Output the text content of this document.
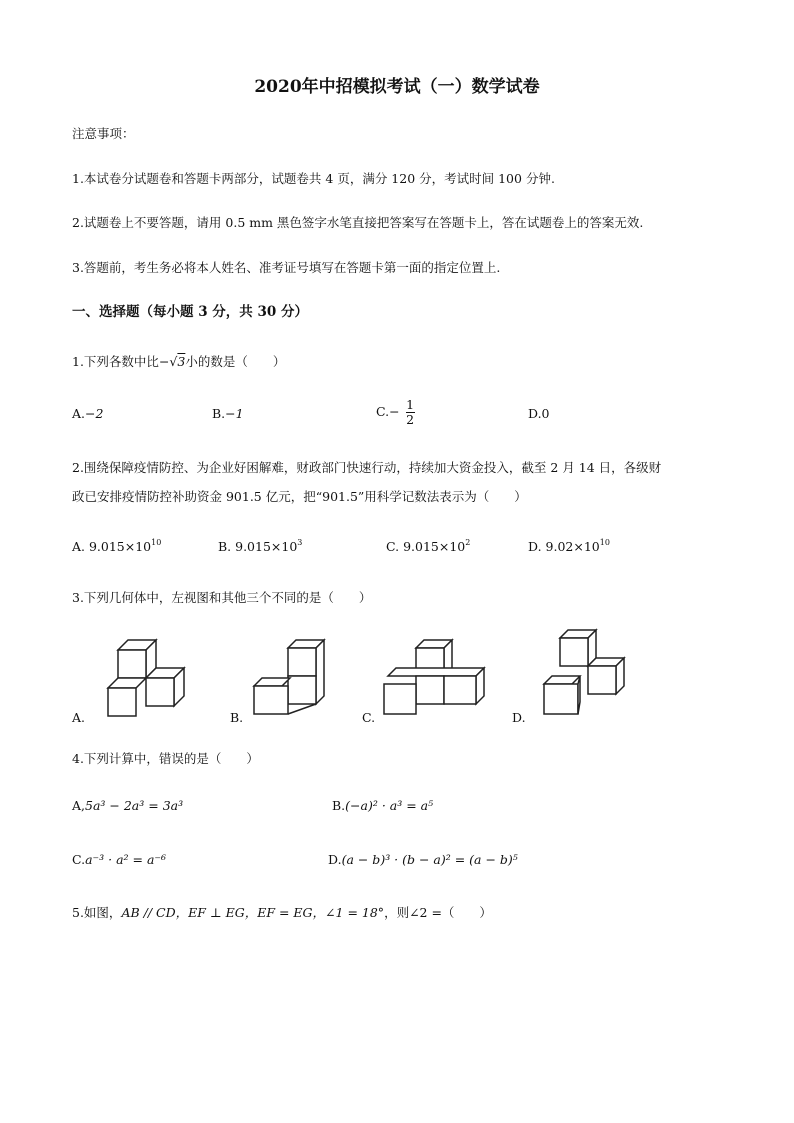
2020年中招模拟考试（一）数学试卷
注意事项：
1.本试卷分试题卷和答题卡两部分，试题卷共 4 页，满分 120 分，考试时间 100 分钟.
2.试题卷上不要答题，请用 0.5 mm 黑色签字水笔直接把答案写在答题卡上，答在试题卷上的答案无效.
3.答题前，考生务必将本人姓名、准考证号填写在答题卡第一面的指定位置上.
一、选择题（每小题 3 分，共 30 分）
1.下列各数中比−√3小的数是（　　）
A.−2	B.−1	$C.- \frac{1}{2}$	D.0
2.围绕保障疫情防控、为企业好困解难，财政部门快速行动，持续加大资金投入，截至 2 月 14 日，各级财
政已安排疫情防控补助资金 901.5 亿元，把“901.5”用科学记数法表示为（　　）
A. $9.015\times 10^{10}$	B. $9.015\times 10^3$	C. $9.015\times 10^2$	D. $9.02\times 10^{10}$
3.下列几何体中，左视图和其他三个不同的是（　　）
A.	B.	C.	D.
4.下列计算中，错误的是（　　）
A,5a³ − 2a³ = 3a³	B.(−a)² · a³ = a⁵
C.a⁻³ · a² = a⁻⁶	D.(a − b)³ · (b − a)² = (a − b)⁵
5.如图，AB // CD，EF ⊥ EG，EF = EG，∠1 = 18°，则∠2 =（　　）
